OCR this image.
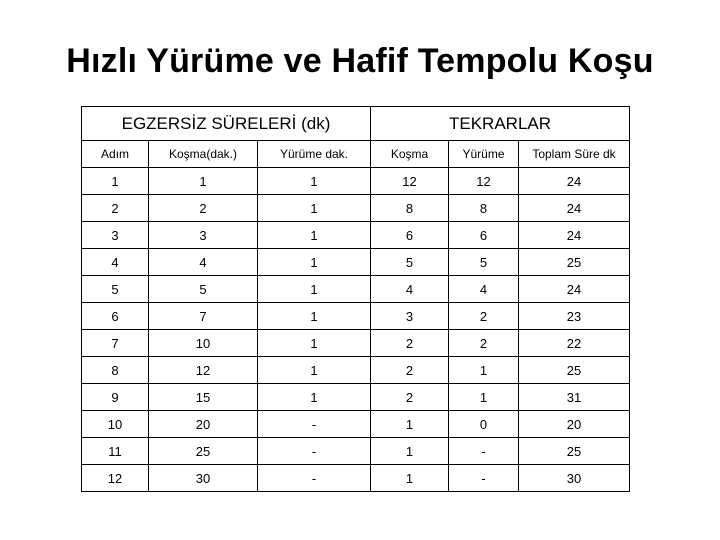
Hızlı Yürüme ve Hafif Tempolu Koşu
EGZERSİZ SÜRELERİ (dk)			TEKRARLAR		
Adım	Koşma(dak.)	Yürüme dak.	Koşma	Yürüme	Toplam Süre dk
1	1	1	12	12	24
2	2	1	8	8	24
3	3	1	6	6	24
4	4	1	5	5	25
5	5	1	4	4	24
6	7	1	3	2	23
7	10	1	2	2	22
8	12	1	2	1	25
9	15	1	2	1	31
10	20	-	1	0	20
11	25	-	1	-	25
12	30	-	1	-	30
